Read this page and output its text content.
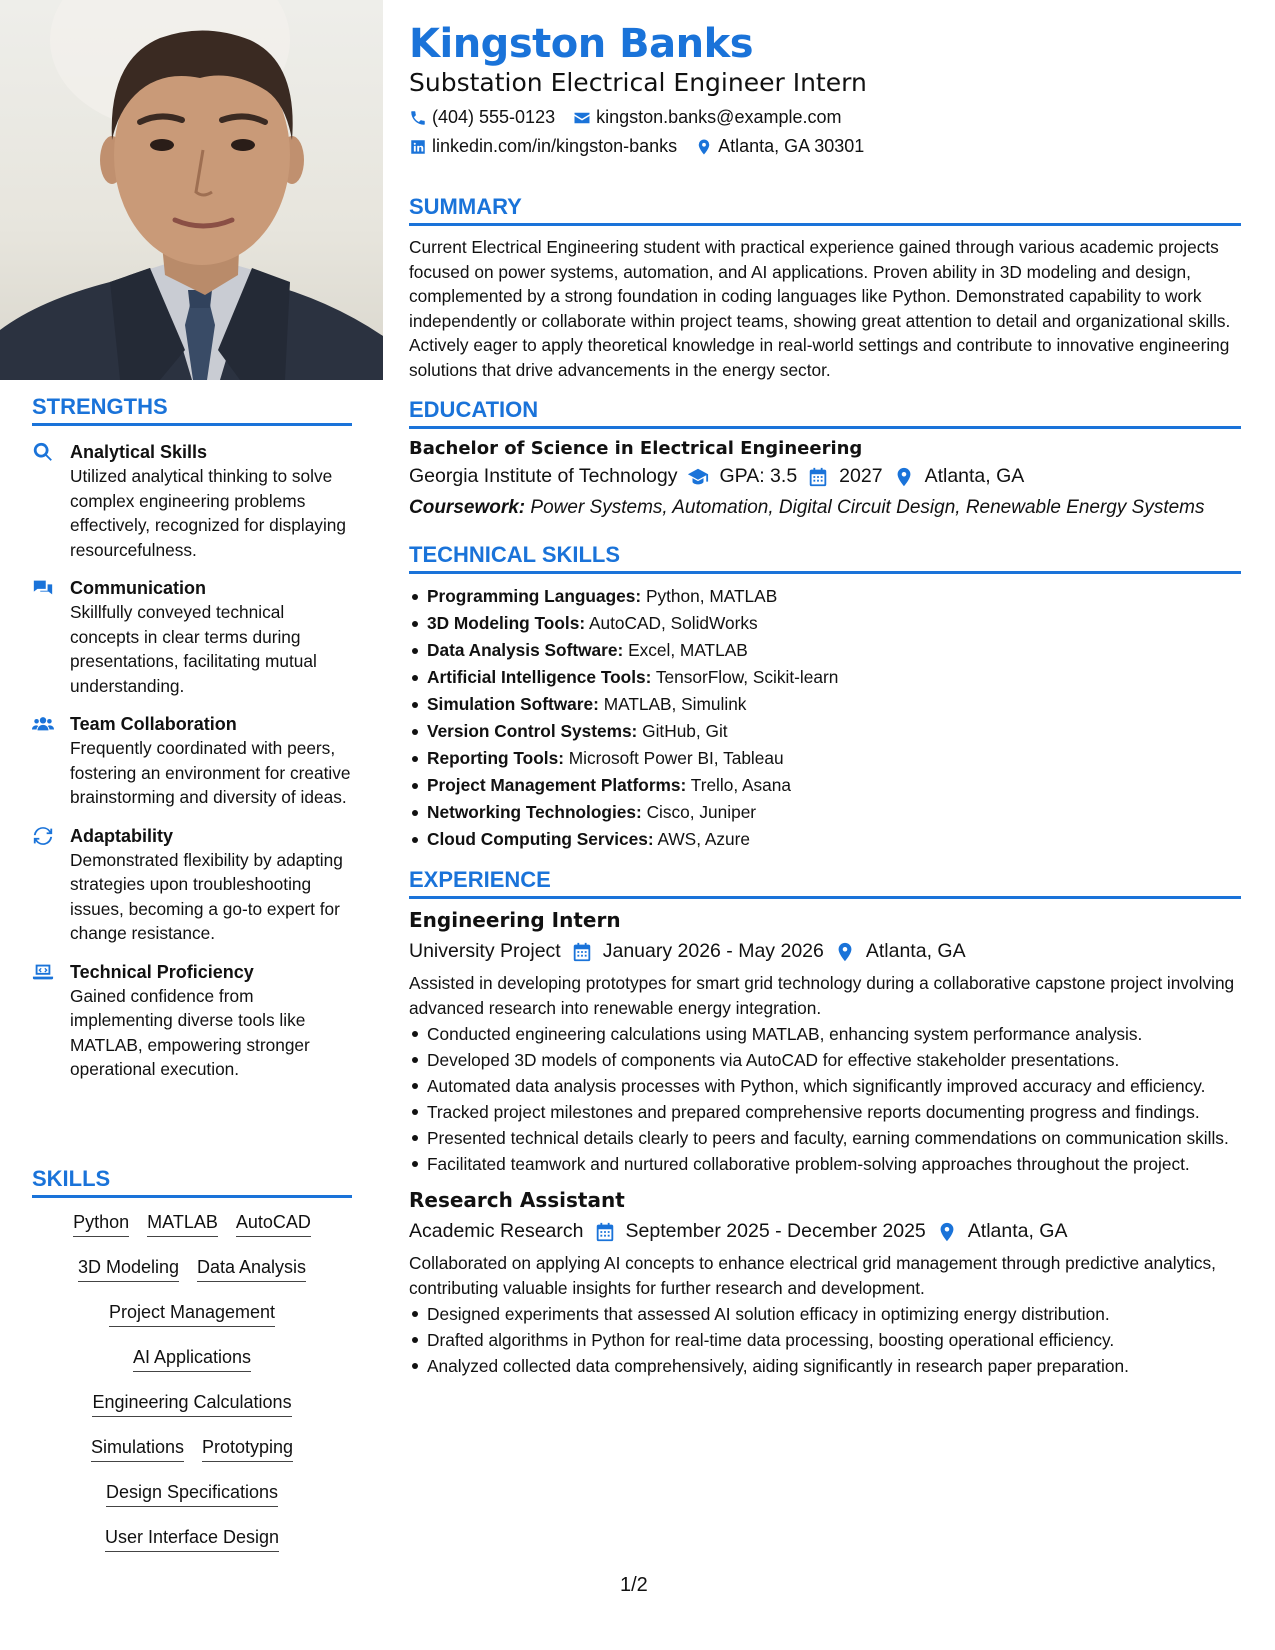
STRENGTHS
Analytical Skills
Utilized analytical thinking to solve complex engineering problems effectively, recognized for displaying resourcefulness.
Communication
Skillfully conveyed technical concepts in clear terms during presentations, facilitating mutual understanding.
Team Collaboration
Frequently coordinated with peers, fostering an environment for creative brainstorming and diversity of ideas.
Adaptability
Demonstrated flexibility by adapting strategies upon troubleshooting issues, becoming a go-to expert for change resistance.
Technical Proficiency
Gained confidence from implementing diverse tools like MATLAB, empowering stronger operational execution.
SKILLS
Python MATLAB AutoCAD
3D Modeling Data Analysis
Project Management
AI Applications
Engineering Calculations
Simulations Prototyping
Design Specifications
User Interface Design
Kingston Banks
Substation Electrical Engineer Intern
(404) 555-0123 kingston.banks@example.com
linkedin.com/in/kingston-banks Atlanta, GA 30301
SUMMARY
Current Electrical Engineering student with practical experience gained through various academic projects focused on power systems, automation, and AI applications. Proven ability in 3D modeling and design, complemented by a strong foundation in coding languages like Python. Demonstrated capability to work independently or collaborate within project teams, showing great attention to detail and organizational skills. Actively eager to apply theoretical knowledge in real-world settings and contribute to innovative engineering solutions that drive advancements in the energy sector.
EDUCATION
Bachelor of Science in Electrical Engineering
Georgia Institute of Technology GPA: 3.5 2027 Atlanta, GA
Coursework: Power Systems, Automation, Digital Circuit Design, Renewable Energy Systems
TECHNICAL SKILLS
Programming Languages: Python, MATLAB
3D Modeling Tools: AutoCAD, SolidWorks
Data Analysis Software: Excel, MATLAB
Artificial Intelligence Tools: TensorFlow, Scikit-learn
Simulation Software: MATLAB, Simulink
Version Control Systems: GitHub, Git
Reporting Tools: Microsoft Power BI, Tableau
Project Management Platforms: Trello, Asana
Networking Technologies: Cisco, Juniper
Cloud Computing Services: AWS, Azure
EXPERIENCE
Engineering Intern
University Project January 2026 - May 2026 Atlanta, GA
Assisted in developing prototypes for smart grid technology during a collaborative capstone project involving advanced research into renewable energy integration.
Conducted engineering calculations using MATLAB, enhancing system performance analysis.
Developed 3D models of components via AutoCAD for effective stakeholder presentations.
Automated data analysis processes with Python, which significantly improved accuracy and efficiency.
Tracked project milestones and prepared comprehensive reports documenting progress and findings.
Presented technical details clearly to peers and faculty, earning commendations on communication skills.
Facilitated teamwork and nurtured collaborative problem-solving approaches throughout the project.
Research Assistant
Academic Research September 2025 - December 2025 Atlanta, GA
Collaborated on applying AI concepts to enhance electrical grid management through predictive analytics, contributing valuable insights for further research and development.
Designed experiments that assessed AI solution efficacy in optimizing energy distribution.
Drafted algorithms in Python for real-time data processing, boosting operational efficiency.
Analyzed collected data comprehensively, aiding significantly in research paper preparation.
1/2
